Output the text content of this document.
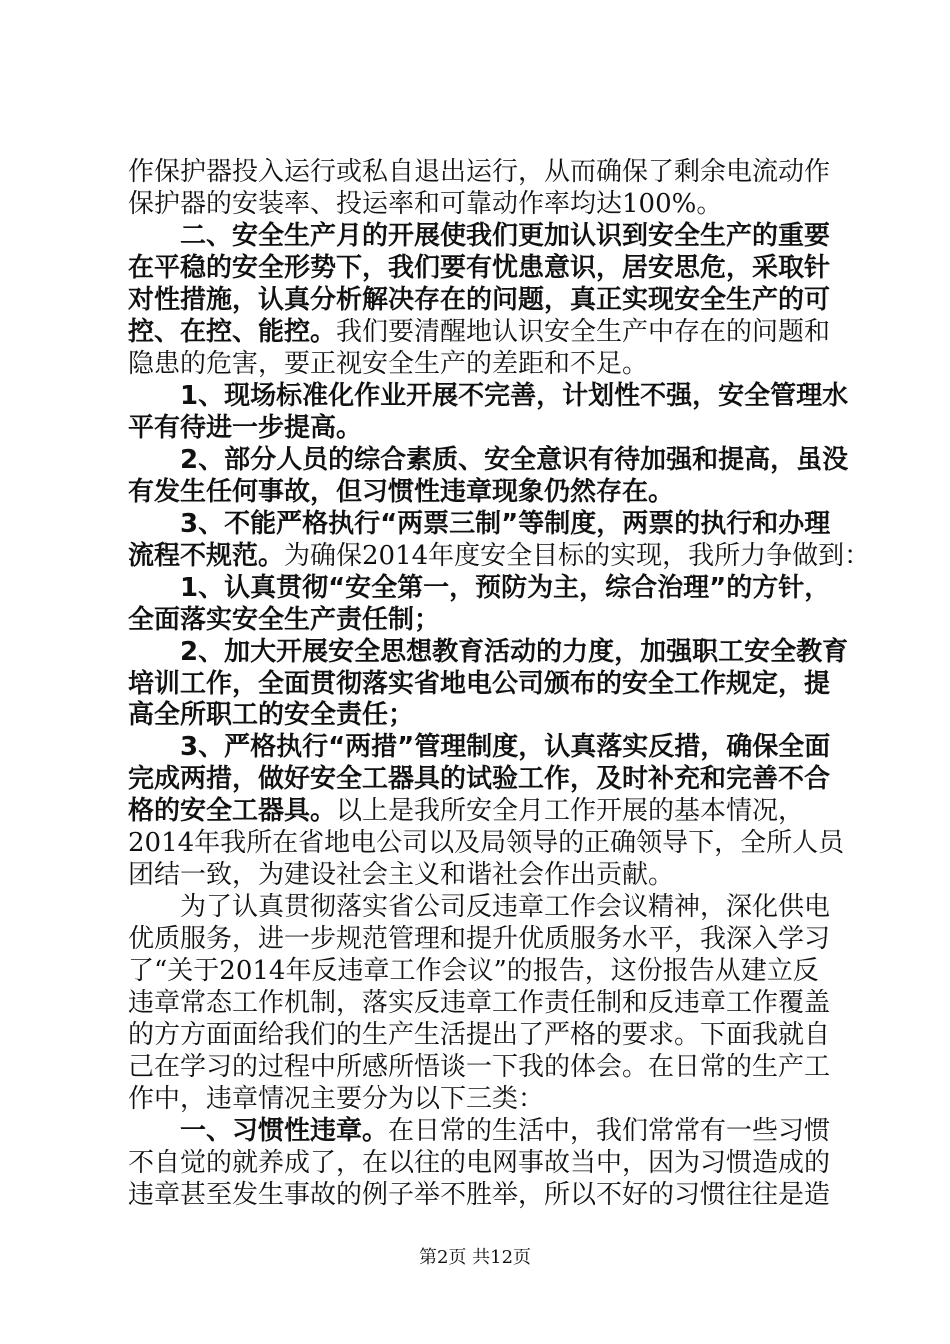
作保护器投入运行或私自退出运行，从而确保了剩余电流动作
保护器的安装率、投运率和可靠动作率均达100%。
二、安全生产月的开展使我们更加认识到安全生产的重要
在平稳的安全形势下，我们要有忧患意识，居安思危，采取针
对性措施，认真分析解决存在的问题，真正实现安全生产的可
控、在控、能控。我们要清醒地认识安全生产中存在的问题和
隐患的危害，要正视安全生产的差距和不足。
1、现场标准化作业开展不完善，计划性不强，安全管理水
平有待进一步提高。
2、部分人员的综合素质、安全意识有待加强和提高，虽没
有发生任何事故，但习惯性违章现象仍然存在。
3、不能严格执行“两票三制”等制度，两票的执行和办理
流程不规范。为确保2014年度安全目标的实现，我所力争做到：
1、认真贯彻“安全第一，预防为主，综合治理”的方针，
全面落实安全生产责任制；
2、加大开展安全思想教育活动的力度，加强职工安全教育
培训工作，全面贯彻落实省地电公司颁布的安全工作规定，提
高全所职工的安全责任；
3、严格执行“两措”管理制度，认真落实反措，确保全面
完成两措，做好安全工器具的试验工作，及时补充和完善不合
格的安全工器具。以上是我所安全月工作开展的基本情况，
2014年我所在省地电公司以及局领导的正确领导下，全所人员
团结一致，为建设社会主义和谐社会作出贡献。
为了认真贯彻落实省公司反违章工作会议精神，深化供电
优质服务，进一步规范管理和提升优质服务水平，我深入学习
了“关于2014年反违章工作会议”的报告，这份报告从建立反
违章常态工作机制，落实反违章工作责任制和反违章工作覆盖
的方方面面给我们的生产生活提出了严格的要求。下面我就自
己在学习的过程中所感所悟谈一下我的体会。在日常的生产工
作中，违章情况主要分为以下三类：
一、习惯性违章。在日常的生活中，我们常常有一些习惯
不自觉的就养成了，在以往的电网事故当中，因为习惯造成的
违章甚至发生事故的例子举不胜举，所以不好的习惯往往是造
第2页 共12页
